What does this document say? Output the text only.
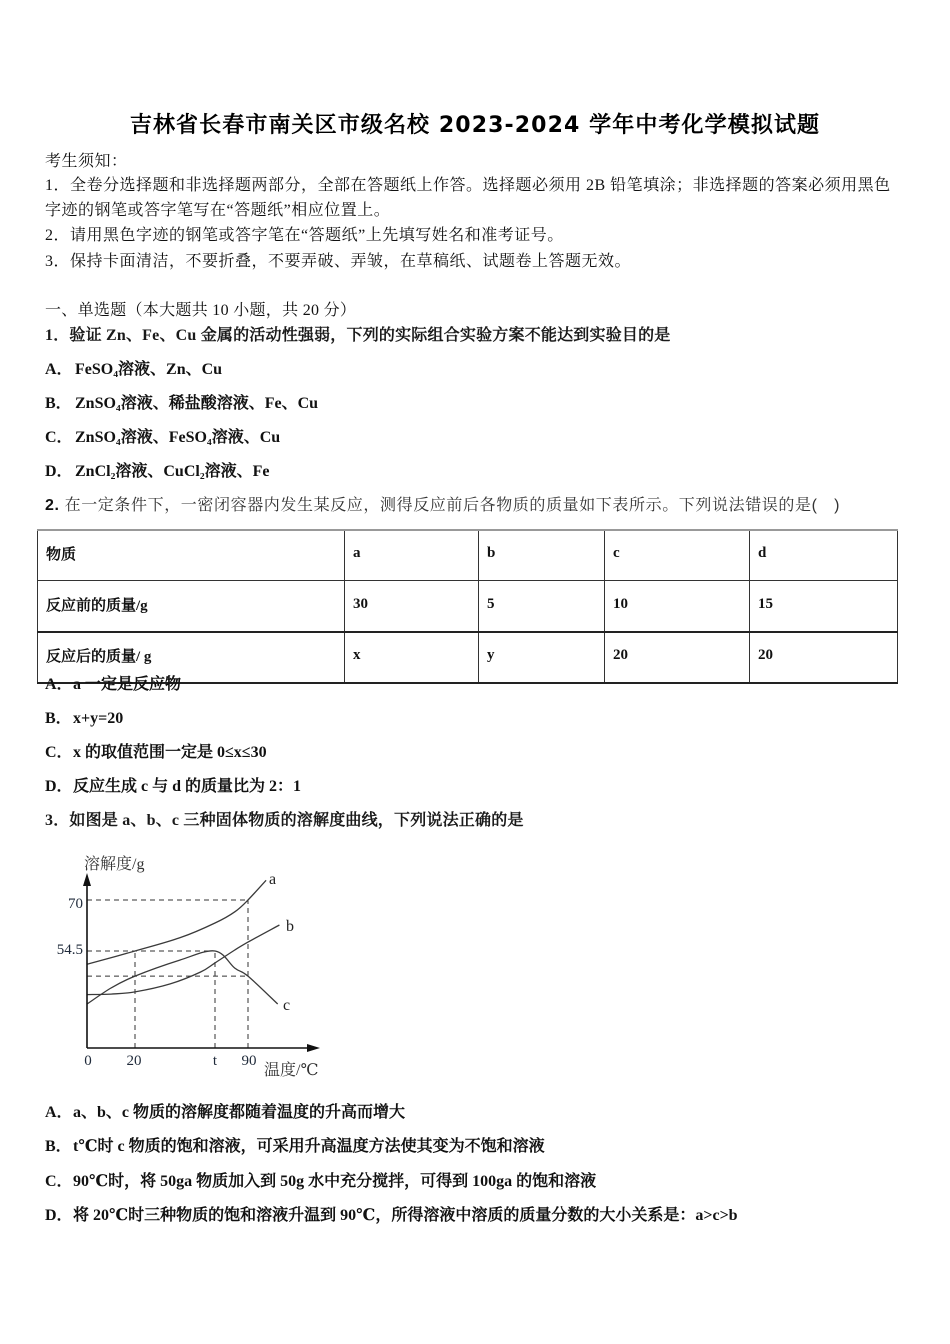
吉林省长春市南关区市级名校 2023-2024 学年中考化学模拟试题
考生须知：
1．全卷分选择题和非选择题两部分，全部在答题纸上作答。选择题必须用 2B 铅笔填涂；非选择题的答案必须用黑色
字迹的钢笔或答字笔写在“答题纸”相应位置上。
2．请用黑色字迹的钢笔或答字笔在“答题纸”上先填写姓名和准考证号。
3．保持卡面清洁，不要折叠，不要弄破、弄皱，在草稿纸、试题卷上答题无效。
一、单选题（本大题共 10 小题，共 20 分）
1．验证 Zn、Fe、Cu 金属的活动性强弱，下列的实际组合实验方案不能达到实验目的是
A． FeSO₄溶液、Zn、Cu
B． ZnSO₄溶液、稀盐酸溶液、Fe、Cu
C． ZnSO₄溶液、FeSO₄溶液、Cu
D． ZnCl₂溶液、CuCl₂溶液、Fe
2. 在一定条件下，一密闭容器内发生某反应，测得反应前后各物质的质量如下表所示。下列说法错误的是(　)
物质	a	b	c	d
反应前的质量/g	30	5	10	15
反应后的质量/ g	x	y	20	20
A．a 一定是反应物
B．x+y=20
C．x 的取值范围一定是 0≤x≤30
D．反应生成 c 与 d 的质量比为 2：1
3．如图是 a、b、c 三种固体物质的溶解度曲线，下列说法正确的是
溶解度/g
温度/℃
70
54.5
0 20	t 90
a
b
c
A．a、b、c 物质的溶解度都随着温度的升高而增大
B．t℃时 c 物质的饱和溶液，可采用升高温度方法使其变为不饱和溶液
C．90℃时，将 50ga 物质加入到 50g 水中充分搅拌，可得到 100ga 的饱和溶液
D．将 20℃时三种物质的饱和溶液升温到 90℃，所得溶液中溶质的质量分数的大小关系是：a>c>b
